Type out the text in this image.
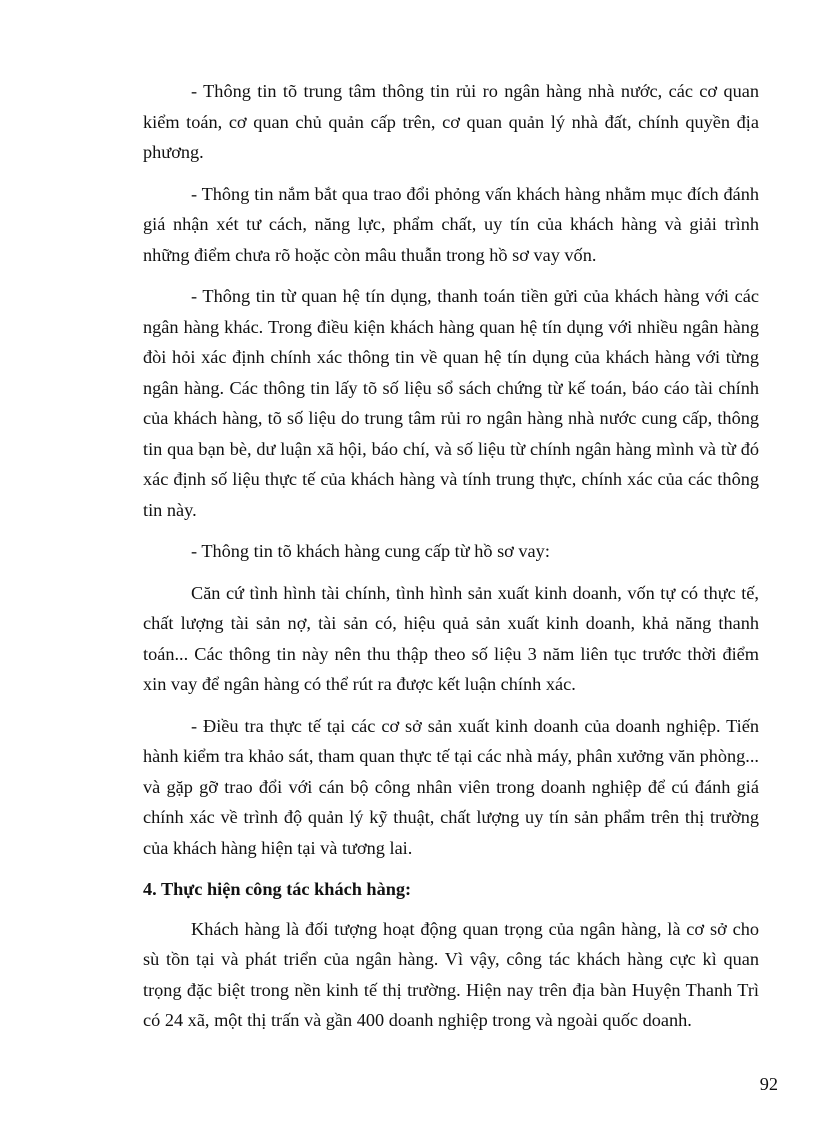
- Thông tin tõ trung tâm thông tin rủi ro ngân hàng nhà nước, các cơ quan kiểm toán, cơ quan chủ quản cấp trên, cơ quan quản lý nhà đất, chính quyền địa phương.

- Thông tin nắm bắt qua trao đổi phỏng vấn khách hàng nhằm mục đích đánh giá nhận xét tư cách, năng lực, phẩm chất, uy tín của khách hàng và giải trình những điểm chưa rõ hoặc còn mâu thuẫn trong hồ sơ vay vốn.

- Thông tin từ quan hệ tín dụng, thanh toán tiền gửi của khách hàng với các ngân hàng khác. Trong điều kiện khách hàng quan hệ tín dụng với nhiều ngân hàng đòi hỏi xác định chính xác thông tin về quan hệ tín dụng của khách hàng với từng ngân hàng. Các thông tin lấy tõ số liệu sổ sách chứng từ kế toán, báo cáo tài chính của khách hàng, tõ số liệu do trung tâm rủi ro ngân hàng nhà nước cung cấp, thông tin qua bạn bè, dư luận xã hội, báo chí, và số liệu từ chính ngân hàng mình và từ đó xác định số liệu thực tế của khách hàng và tính trung thực, chính xác của các thông tin này.

- Thông tin tõ khách hàng cung cấp từ hồ sơ vay:

Căn cứ tình hình tài chính, tình hình sản xuất kinh doanh, vốn tự có thực tế, chất lượng tài sản nợ, tài sản có, hiệu quả sản xuất kinh doanh, khả năng thanh toán... Các thông tin này nên thu thập theo số liệu 3 năm liên tục trước thời điểm xin vay để ngân hàng có thể rút ra được kết luận chính xác.

- Điều tra thực tế tại các cơ sở sản xuất kinh doanh của doanh nghiệp. Tiến hành kiểm tra khảo sát, tham quan thực tế tại các nhà máy, phân xưởng văn phòng... và gặp gỡ trao đổi với cán bộ công nhân viên trong doanh nghiệp để cú đánh giá chính xác về trình độ quản lý kỹ thuật, chất lượng uy tín sản phẩm trên thị trường của khách hàng hiện tại và tương lai.

4. Thực hiện công tác khách hàng:

Khách hàng là đối tượng hoạt động quan trọng của ngân hàng, là cơ sở cho sù tồn tại và phát triển của ngân hàng. Vì vậy, công tác khách hàng cực kì quan trọng đặc biệt trong nền kinh tế thị trường. Hiện nay trên địa bàn Huyện Thanh Trì có 24 xã, một thị trấn và gần 400 doanh nghiệp trong và ngoài quốc doanh.

92
